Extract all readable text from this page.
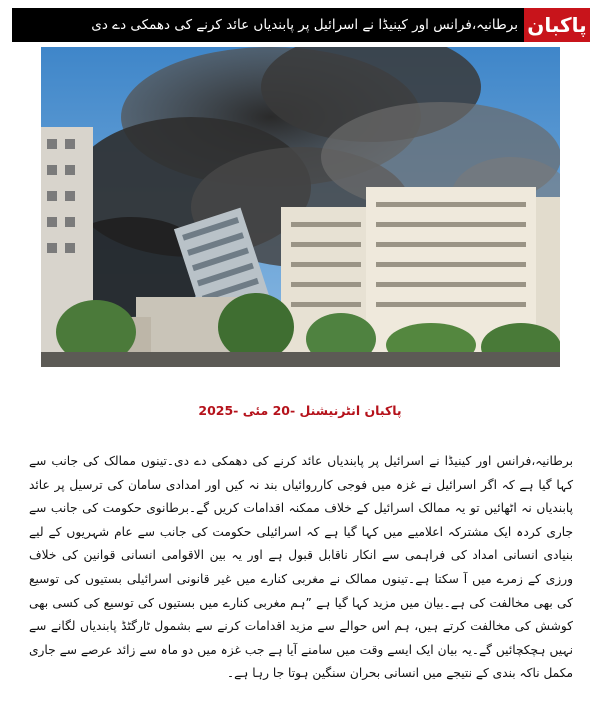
پاکبان
برطانیہ،فرانس اور کینیڈا نے اسرائیل پر پابندیاں عائد کرنے کی دھمکی دے دی
پاکبان انٹرنیشنل -20 مئی -2025
برطانیہ،فرانس اور کینیڈا نے اسرائیل پر پابندیاں عائد کرنے کی دھمکی دے دی۔تینوں ممالک کی جانب سے کہا گیا ہے کہ اگر اسرائیل نے غزہ میں فوجی کارروائیاں بند نہ کیں اور امدادی سامان کی ترسیل پر عائد پابندیاں نہ اٹھائیں تو یہ ممالک اسرائیل کے خلاف ممکنہ اقدامات کریں گے۔برطانوی حکومت کی جانب سے جاری کردہ ایک مشترکہ اعلامیے میں کہا گیا ہے کہ اسرائیلی حکومت کی جانب سے عام شہریوں کے لیے بنیادی انسانی امداد کی فراہمی سے انکار ناقابل قبول ہے اور یہ بین الاقوامی انسانی قوانین کی خلاف ورزی کے زمرے میں آ سکتا ہے۔تینوں ممالک نے مغربی کنارے میں غیر قانونی اسرائیلی بستیوں کی توسیع کی بھی مخالفت کی ہے۔بیان میں مزید کہا گیا ہے ”ہم مغربی کنارے میں بستیوں کی توسیع کی کسی بھی کوشش کی مخالفت کرتے ہیں، ہم اس حوالے سے مزید اقدامات کرنے سے بشمول ٹارگٹڈ پابندیاں لگانے سے نہیں ہچکچائیں گے۔یہ بیان ایک ایسے وقت میں سامنے آیا ہے جب غزہ میں دو ماہ سے زائد عرصے سے جاری مکمل ناکہ بندی کے نتیجے میں انسانی بحران سنگین ہوتا جا رہا ہے۔
